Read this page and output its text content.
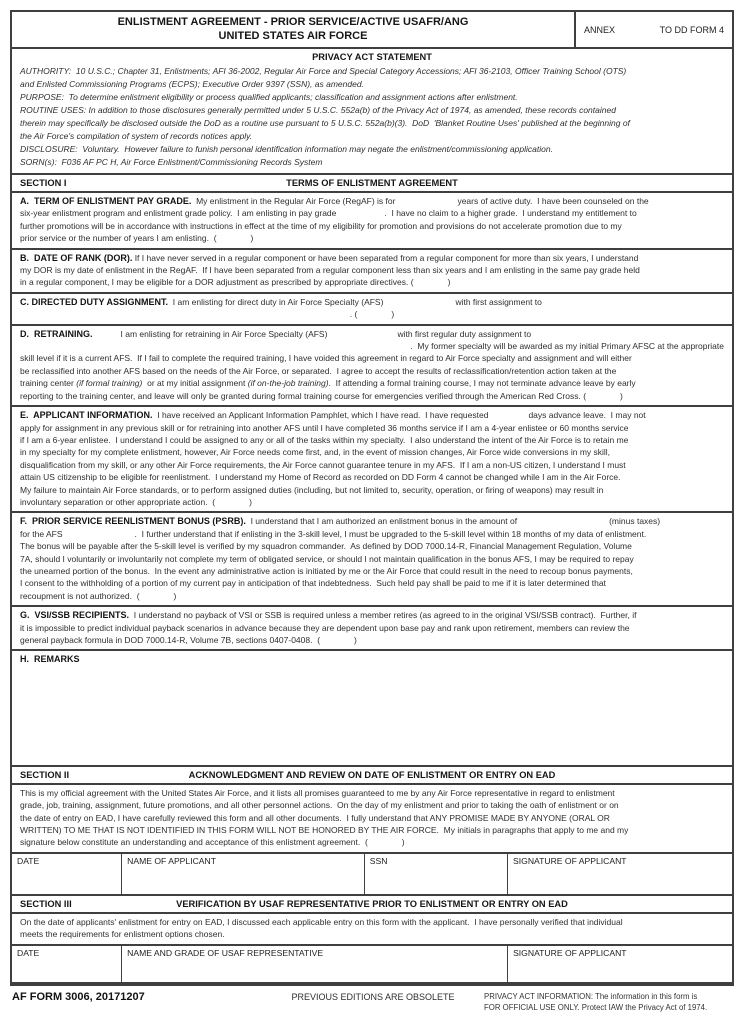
ENLISTMENT AGREEMENT - PRIOR SERVICE/ACTIVE USAFR/ANG
UNITED STATES AIR FORCE	ANNEX	TO DD FORM 4
PRIVACY ACT STATEMENT
AUTHORITY:  10 U.S.C.; Chapter 31, Enlistments; AFI 36-2002, Regular Air Force and Special Category Accessions; AFI 36-2103, Officer Training School (OTS)
and Enlisted Commissioning Programs (ECPS); Executive Order 9397 (SSN), as amended.
PURPOSE:  To determine enlistment eligibility or process qualified applicants; classification and assignment actions after enlistment.
ROUTINE USES: In addition to those disclosures generally permitted under 5 U.S.C. 552a(b) of the Privacy Act of 1974, as amended, these records contained
therein may specifically be disclosed outside the DoD as a routine use pursuant to 5 U.S.C. 552a(b)(3).  DoD  'Blanket Routine Uses' published at the beginning of
the Air Force's compilation of system of records notices apply.
DISCLOSURE:  Voluntary.  However failure to funish personal identification information may negate the enlistment/commissioning application.
SORN(s):  F036 AF PC H, Air Force Enlistment/Commissioning Records System
SECTION I	TERMS OF ENLISTMENT AGREEMENT
A.  TERM OF ENLISTMENT PAY GRADE.  My enlistment in the Regular Air Force (RegAF) is for	years of active duty.  I have been counseled on the
six-year enlistment program and enlistment grade policy.  I am enlisting in pay grade	.  I have no claim to a higher grade.  I understand my entitlement to
further promotions will be in accordance with instructions in effect at the time of my eligibility for promotion and provisions do not accelerate promotion due to my
prior service or the number of years I am enlisting.  (	)
B.  DATE OF RANK (DOR). If I have never served in a regular component or have been separated from a regular component for more than six years, I understand
my DOR is my date of enlistment in the RegAF.  If I have been separated from a regular component less than six years and I am enlisting in the same pay grade held
in a regular component, I may be eligible for a DOR adjustment as prescribed by appropriate directives. (	)
C. DIRECTED DUTY ASSIGNMENT.  I am enlisting for direct duty in Air Force Specialty (AFS)	with first assignment to
. (	)
D.  RETRAINING.	I am enlisting for retraining in Air Force Specialty (AFS)	with first regular duty assignment to
.  My former specialty will be awarded as my initial Primary AFSC at the appropriate
skill level if it is a current AFS.  If I fail to complete the required training, I have voided this agreement in regard to Air Force specialty and assignment and will either
be reclassified into another AFS based on the needs of the Air Force, or separated.  I agree to accept the results of reclassification/retention action taken at the
training center (if formal training)  or at my initial assignment (if on-the-job training).  If attending a formal training course, I may not terminate advance leave by early
reporting to the training center, and leave will only be granted during formal training course for emergencies verified through the American Red Cross. (	)
E.  APPLICANT INFORMATION.  I have received an Applicant Information Pamphlet, which I have read.  I have requested	days advance leave.  I may not
apply for assignment in any previous skill or for retraining into another AFS until I have completed 36 months service if I am a 4-year enlistee or 60 months service
if I am a 6-year enlistee.  I understand I could be assigned to any or all of the tasks within my specialty.  I also understand the intent of the Air Force is to retain me
in my specialty for my complete enlistment, however, Air Force needs come first, and, in the event of mission changes, Air Force wide conversions in my skill,
disqualification from my skill, or any other Air Force requirements, the Air Force cannot guarantee tenure in my AFS.  If I am a non-US citizen, I understand I must
attain US citizenship to be eligible for reenlistment.  I understand my Home of Record as recorded on DD Form 4 cannot be changed while I am in the Air Force.
My failure to maintain Air Force standards, or to perform assigned duties (including, but not limited to, security, operation, or firing of weapons) may result in
involuntary separation or other appropriate action.  (	)
F.  PRIOR SERVICE REENLISTMENT BONUS (PSRB).  I understand that I am authorized an enlistment bonus in the amount of	(minus taxes)
for the AFS	.  I further understand that if enlisting in the 3-skill level, I must be upgraded to the 5-skill level within 18 months of my data of enlistment.
The bonus will be payable after the 5-skill level is verified by my squadron commander.  As defined by DOD 7000.14-R, Financial Management Regulation, Volume
7A, should I voluntarily or involuntarily not complete my term of obligated service, or should I not maintain qualification in the bonus AFS, I may be required to repay
the unearned portion of the bonus.  In the event any administrative action is initiated by me or the Air Force that could result in the need to recoup bonus payments,
I consent to the withholding of a portion of my current pay in anticipation of that indebtedness.  Such held pay shall be paid to me if it is later determined that
recoupment is not authorized.  (	)
G.  VSI/SSB RECIPIENTS.  I understand no payback of VSI or SSB is required unless a member retires (as agreed to in the original VSI/SSB contract).  Further, if
it is impossible to predict individual payback scenarios in advance because they are dependent upon base pay and rank upon retirement, members can review the
general payback formula in DOD 7000.14-R, Volume 7B, sections 0407-0408.  (	)
H.  REMARKS
SECTION II	ACKNOWLEDGMENT AND REVIEW ON DATE OF ENLISTMENT OR ENTRY ON EAD
This is my official agreement with the United States Air Force, and it lists all promises guaranteed to me by any Air Force representative in regard to enlistment
grade, job, training, assignment, future promotions, and all other personnel actions.  On the day of my enlistment and prior to taking the oath of enlistment or on
the date of entry on EAD, I have carefully reviewed this form and all other documents.  I fully understand that ANY PROMISE MADE BY ANYONE (ORAL OR
WRITTEN) TO ME THAT IS NOT IDENTIFIED IN THIS FORM WILL NOT BE HONORED BY THE AIR FORCE.  My initials in paragraphs that apply to me and my
signature below constitute an understanding and acceptance of this enlistment agreement.  (	)
DATE	NAME OF APPLICANT	SSN	SIGNATURE OF APPLICANT
SECTION III	VERIFICATION BY USAF REPRESENTATIVE PRIOR TO ENLISTMENT OR ENTRY ON EAD
On the date of applicants' enlistment for entry on EAD, I discussed each applicable entry on this form with the applicant.  I have personally verified that individual
meets the requirements for enlistment options chosen.
DATE	NAME AND GRADE OF USAF REPRESENTATIVE	SIGNATURE OF APPLICANT
AF FORM 3006, 20171207	PREVIOUS EDITIONS ARE OBSOLETE	PRIVACY ACT INFORMATION: The information in this form is
FOR OFFICIAL USE ONLY. Protect IAW the Privacy Act of 1974.
